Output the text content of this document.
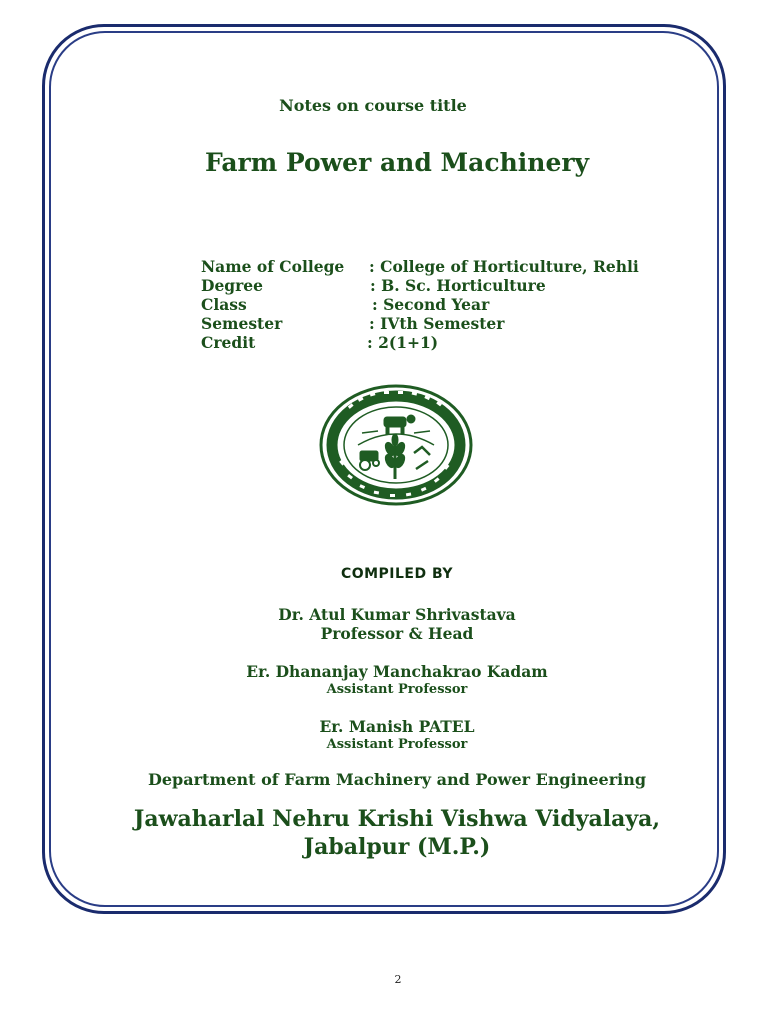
Notes on course title
Farm Power and Machinery
Name of College : College of Horticulture, Rehli
Degree	: B. Sc. Horticulture
Class	: Second Year
Semester	: IVth Semester
Credit	: 2(1+1)
COMPILED BY
Dr. Atul Kumar Shrivastava
Professor & Head
Er. Dhananjay Manchakrao Kadam
Assistant Professor
Er. Manish PATEL
Assistant Professor
Department of Farm Machinery and Power Engineering
Jawaharlal Nehru Krishi Vishwa Vidyalaya,
Jabalpur (M.P.)
2
